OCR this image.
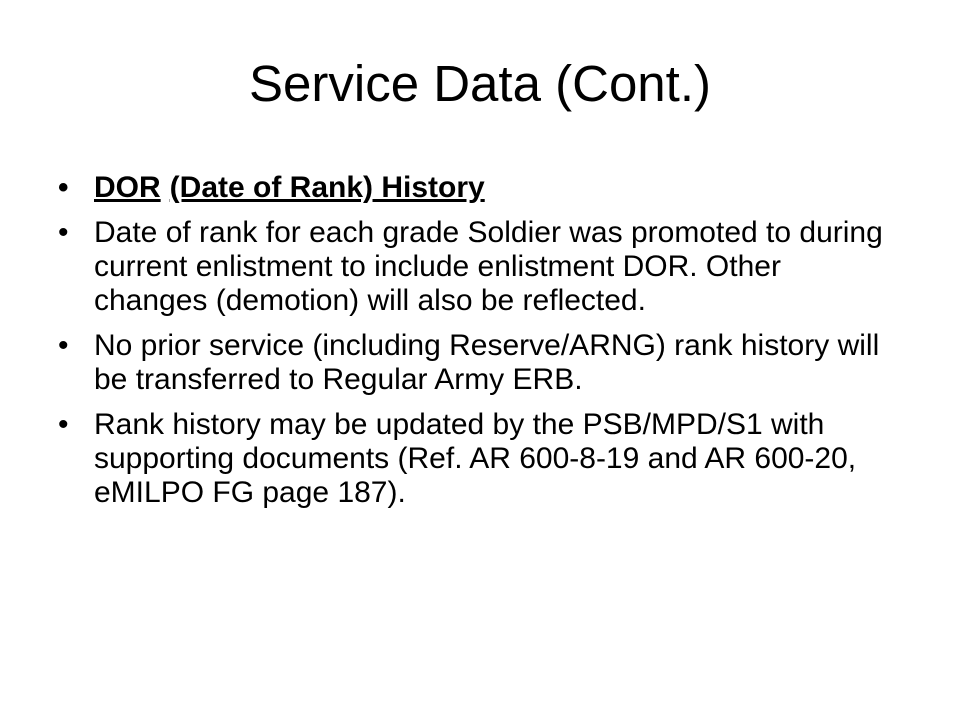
Service Data (Cont.)
• DOR (Date of Rank) History
• Date of rank for each grade Soldier was promoted to during current enlistment to include enlistment DOR. Other changes (demotion) will also be reflected.
• No prior service (including Reserve/ARNG) rank history will be transferred to Regular Army ERB.
• Rank history may be updated by the PSB/MPD/S1 with supporting documents (Ref. AR 600-8-19 and AR 600-20, eMILPO FG page 187).
